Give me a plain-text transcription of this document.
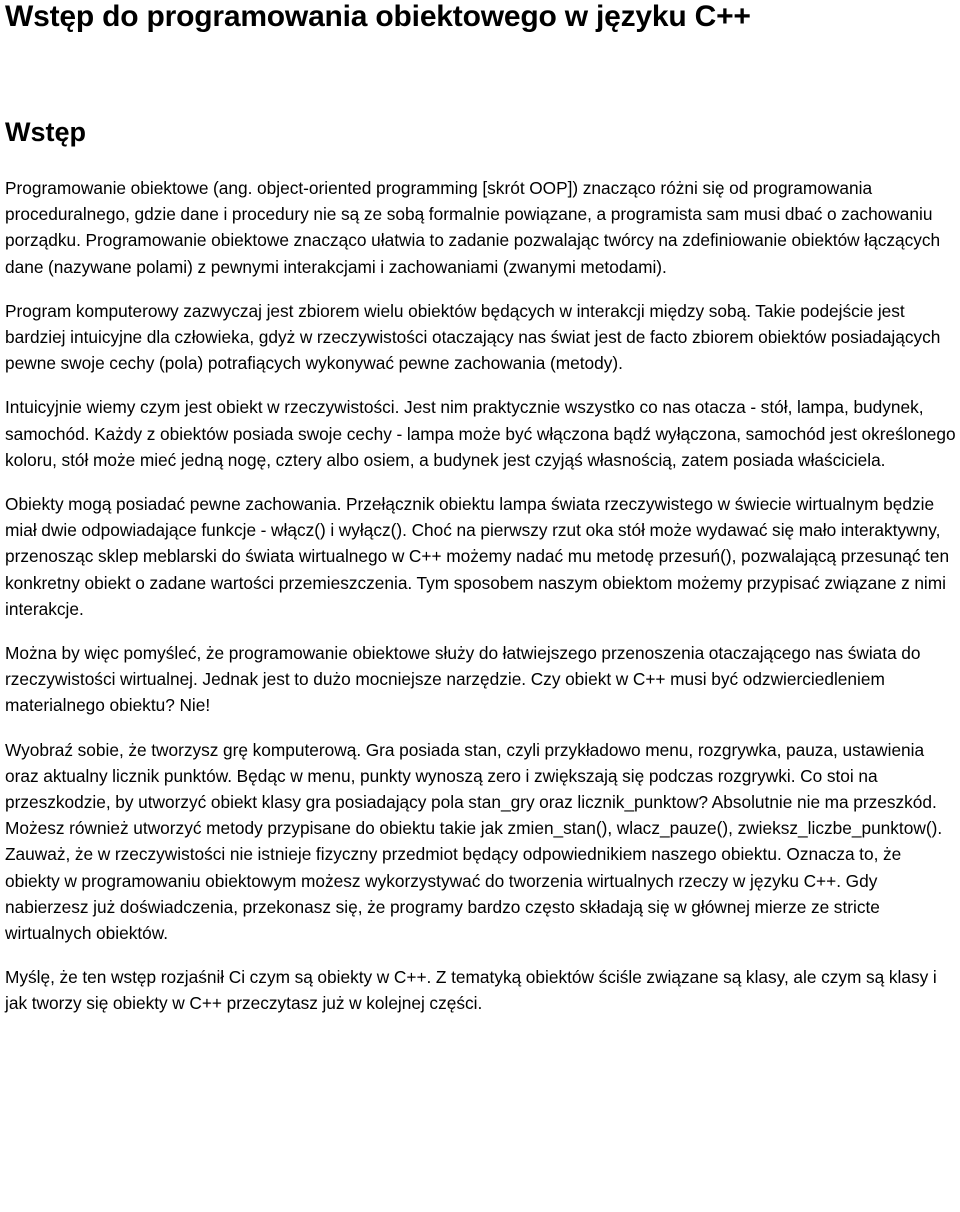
Wstęp do programowania obiektowego w języku C++
Wstęp

Programowanie obiektowe (ang. object-oriented programming [skrót OOP]) znacząco różni się od programowania proceduralnego, gdzie dane i procedury nie są ze sobą formalnie powiązane, a programista sam musi dbać o zachowaniu porządku. Programowanie obiektowe znacząco ułatwia to zadanie pozwalając twórcy na zdefiniowanie obiektów łączących dane (nazywane polami) z pewnymi interakcjami i zachowaniami (zwanymi metodami).

Program komputerowy zazwyczaj jest zbiorem wielu obiektów będących w interakcji między sobą. Takie podejście jest bardziej intuicyjne dla człowieka, gdyż w rzeczywistości otaczający nas świat jest de facto zbiorem obiektów posiadających pewne swoje cechy (pola) potrafiących wykonywać pewne zachowania (metody).

Intuicyjnie wiemy czym jest obiekt w rzeczywistości. Jest nim praktycznie wszystko co nas otacza - stół, lampa, budynek, samochód. Każdy z obiektów posiada swoje cechy - lampa może być włączona bądź wyłączona, samochód jest określonego koloru, stół może mieć jedną nogę, cztery albo osiem, a budynek jest czyjąś własnością, zatem posiada właściciela.

Obiekty mogą posiadać pewne zachowania. Przełącznik obiektu lampa świata rzeczywistego w świecie wirtualnym będzie miał dwie odpowiadające funkcje - włącz() i wyłącz(). Choć na pierwszy rzut oka stół może wydawać się mało interaktywny, przenosząc sklep meblarski do świata wirtualnego w C++ możemy nadać mu metodę przesuń(), pozwalającą przesunąć ten konkretny obiekt o zadane wartości przemieszczenia. Tym sposobem naszym obiektom możemy przypisać związane z nimi interakcje.

Można by więc pomyśleć, że programowanie obiektowe służy do łatwiejszego przenoszenia otaczającego nas świata do rzeczywistości wirtualnej. Jednak jest to dużo mocniejsze narzędzie. Czy obiekt w C++ musi być odzwierciedleniem materialnego obiektu? Nie!

Wyobraź sobie, że tworzysz grę komputerową. Gra posiada stan, czyli przykładowo menu, rozgrywka, pauza, ustawienia oraz aktualny licznik punktów. Będąc w menu, punkty wynoszą zero i zwiększają się podczas rozgrywki. Co stoi na przeszkodzie, by utworzyć obiekt klasy gra posiadający pola stan_gry oraz licznik_punktow? Absolutnie nie ma przeszkód. Możesz również utworzyć metody przypisane do obiektu takie jak zmien_stan(), wlacz_pauze(), zwieksz_liczbe_punktow(). Zauważ, że w rzeczywistości nie istnieje fizyczny przedmiot będący odpowiednikiem naszego obiektu. Oznacza to, że obiekty w programowaniu obiektowym możesz wykorzystywać do tworzenia wirtualnych rzeczy w języku C++. Gdy nabierzesz już doświadczenia, przekonasz się, że programy bardzo często składają się w głównej mierze ze stricte wirtualnych obiektów.

Myślę, że ten wstęp rozjaśnił Ci czym są obiekty w C++. Z tematyką obiektów ściśle związane są klasy, ale czym są klasy i jak tworzy się obiekty w C++ przeczytasz już w kolejnej części.
